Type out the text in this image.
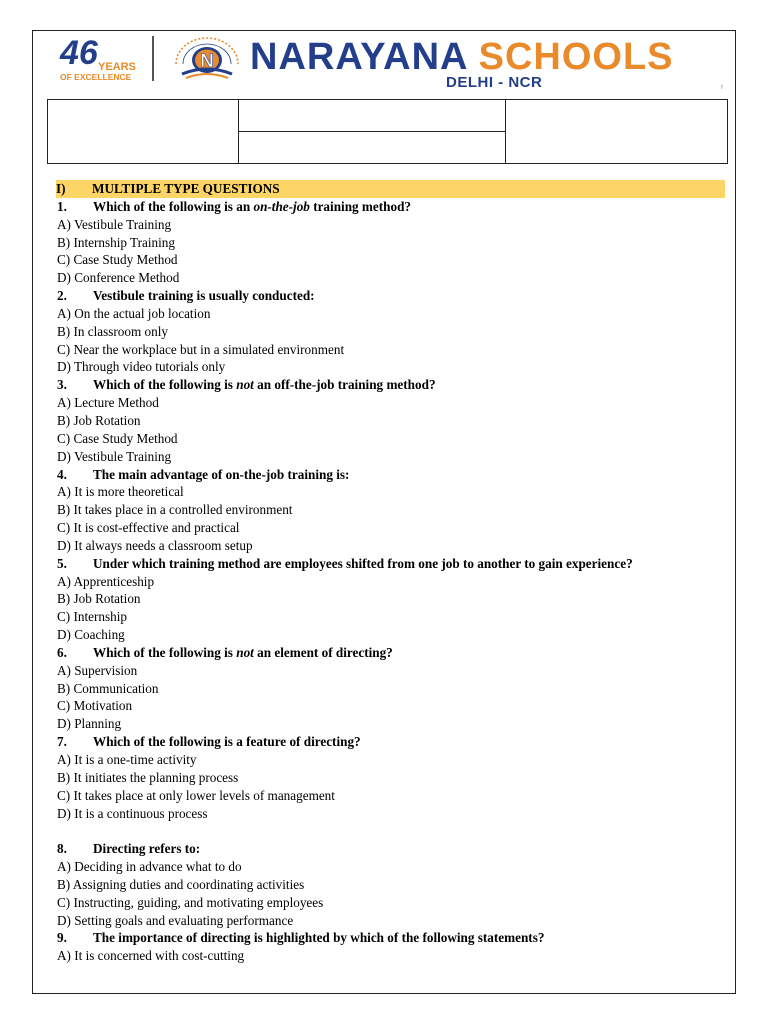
46 YEARS
OF EXCELLENCE
N NARAYANA SCHOOLS
DELHI - NCR	r

I) MULTIPLE TYPE QUESTIONS
1. Which of the following is an on-the-job training method?
A) Vestibule Training
B) Internship Training
C) Case Study Method
D) Conference Method
2. Vestibule training is usually conducted:
A) On the actual job location
B) In classroom only
C) Near the workplace but in a simulated environment
D) Through video tutorials only
3. Which of the following is not an off-the-job training method?
A) Lecture Method
B) Job Rotation
C) Case Study Method
D) Vestibule Training
4. The main advantage of on-the-job training is:
A) It is more theoretical
B) It takes place in a controlled environment
C) It is cost-effective and practical
D) It always needs a classroom setup
5. Under which training method are employees shifted from one job to another to gain experience?
A) Apprenticeship
B) Job Rotation
C) Internship
D) Coaching
6. Which of the following is not an element of directing?
A) Supervision
B) Communication
C) Motivation
D) Planning
7. Which of the following is a feature of directing?
A) It is a one-time activity
B) It initiates the planning process
C) It takes place at only lower levels of management
D) It is a continuous process
8. Directing refers to:
A) Deciding in advance what to do
B) Assigning duties and coordinating activities
C) Instructing, guiding, and motivating employees
D) Setting goals and evaluating performance
9. The importance of directing is highlighted by which of the following statements?
A) It is concerned with cost-cutting
